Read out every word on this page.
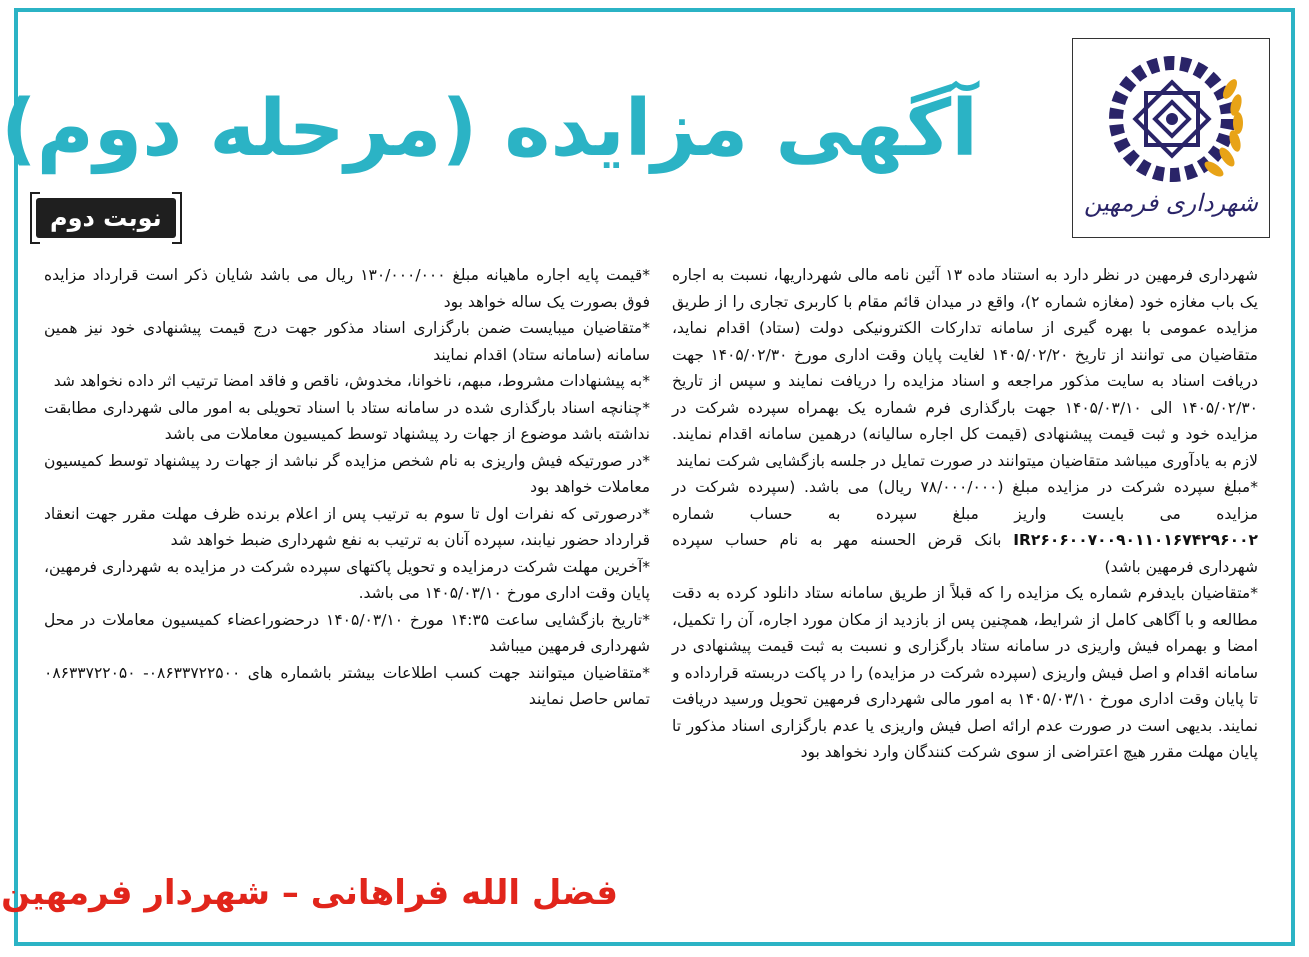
شهرداری فرمهین
آگهی مزایده (مرحله دوم)
نوبت دوم

شهرداری فرمهین در نظر دارد به استناد ماده ۱۳ آئین نامه مالی شهرداریها، نسبت به اجاره یک باب مغازه خود (مغازه شماره ۲)، واقع در میدان قائم مقام با کاربری تجاری را از طریق مزایده عمومی با بهره گیری از سامانه تدارکات الکترونیکی دولت (ستاد) اقدام نماید، متقاضیان می توانند از تاریخ ۱۴۰۵/۰۲/۲۰ لغایت پایان وقت اداری مورخ ۱۴۰۵/۰۲/۳۰ جهت دریافت اسناد به سایت مذکور مراجعه و اسناد مزایده را دریافت نمایند و سپس از تاریخ ۱۴۰۵/۰۲/۳۰ الی ۱۴۰۵/۰۳/۱۰ جهت بارگذاری فرم شماره یک بهمراه سپرده شرکت در مزایده خود و ثبت قیمت پیشنهادی (قیمت کل اجاره سالیانه) درهمین سامانه اقدام نمایند. لازم به یادآوری میباشد متقاضیان میتوانند در صورت تمایل در جلسه بازگشایی شرکت نمایند

*مبلغ سپرده شرکت در مزایده مبلغ (۷۸/۰۰۰/۰۰۰ ریال) می باشد. (سپرده شرکت در مزایده می بایست واریز مبلغ سپرده به حساب شماره IR۲۶۰۶۰۰۷۰۰۹۰۱۱۰۱۶۷۴۲۹۶۰۰۲ بانک قرض الحسنه مهر به نام حساب سپرده شهرداری فرمهین باشد)

*متقاضیان بایدفرم شماره یک مزایده را که قبلاً از طریق سامانه ستاد دانلود کرده به دقت مطالعه و با آگاهی کامل از شرایط، همچنین پس از بازدید از مکان مورد اجاره، آن را تکمیل، امضا و بهمراه فیش واریزی در سامانه ستاد بارگزاری و نسبت به ثبت قیمت پیشنهادی در سامانه اقدام و اصل فیش واریزی (سپرده شرکت در مزایده) را در پاکت دربسته قرارداده و تا پایان وقت اداری مورخ ۱۴۰۵/۰۳/۱۰ به امور مالی شهرداری فرمهین تحویل ورسید دریافت نمایند. بدیهی است در صورت عدم ارائه اصل فیش واریزی یا عدم بارگزاری اسناد مذکور تا پایان مهلت مقرر هیچ اعتراضی از سوی شرکت کنندگان وارد نخواهد بود

*قیمت پایه اجاره ماهیانه مبلغ ۱۳۰/۰۰۰/۰۰۰ ریال می باشد شایان ذکر است قرارداد مزایده فوق بصورت یک ساله خواهد بود

*متقاضیان میبایست ضمن بارگزاری اسناد مذکور جهت درج قیمت پیشنهادی خود نیز همین سامانه (سامانه ستاد) اقدام نمایند

*به پیشنهادات مشروط، مبهم، ناخوانا، مخدوش، ناقص و فاقد امضا ترتیب اثر داده نخواهد شد

*چنانچه اسناد بارگذاری شده در سامانه ستاد با اسناد تحویلی به امور مالی شهرداری مطابقت نداشته باشد موضوع از جهات رد پیشنهاد توسط کمیسیون معاملات می باشد

*در صورتیکه فیش واریزی به نام شخص مزایده گر نباشد از جهات رد پیشنهاد توسط کمیسیون معاملات خواهد بود

*درصورتی که نفرات اول تا سوم به ترتیب پس از اعلام برنده ظرف مهلت مقرر جهت انعقاد قرارداد حضور نیابند، سپرده آنان به ترتیب به نفع شهرداری ضبط خواهد شد

*آخرین مهلت شرکت درمزایده و تحویل پاکتهای سپرده شرکت در مزایده به شهرداری فرمهین، پایان وقت اداری مورخ ۱۴۰۵/۰۳/۱۰ می باشد.

*تاریخ بازگشایی ساعت ۱۴:۳۵ مورخ ۱۴۰۵/۰۳/۱۰ درحضوراعضاء کمیسیون معاملات در محل شهرداری فرمهین میباشد

*متقاضیان میتوانند جهت کسب اطلاعات بیشتر باشماره های ۰۸۶۳۳۷۲۲۵۰۰- ۰۸۶۳۳۷۲۲۰۵۰ تماس حاصل نمایند

فضل الله فراهانی – شهردار فرمهین
